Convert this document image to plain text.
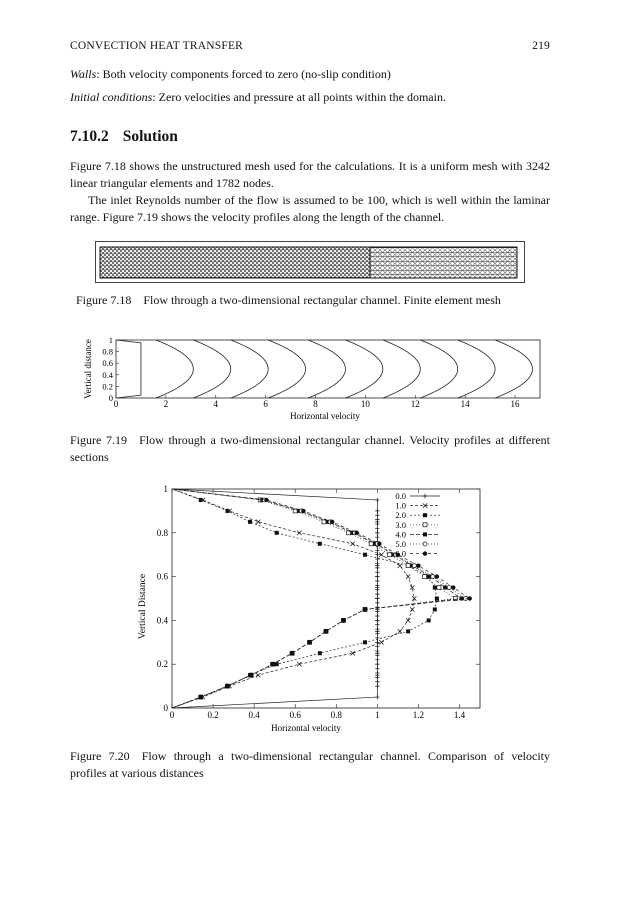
CONVECTION HEAT TRANSFER	219
Walls: Both velocity components forced to zero (no-slip condition)
Initial conditions: Zero velocities and pressure at all points within the domain.
7.10.2 Solution

Figure 7.18 shows the unstructured mesh used for the calculations. It is a uniform mesh with 3242 linear triangular elements and 1782 nodes.

The inlet Reynolds number of the flow is assumed to be 100, which is well within the laminar range. Figure 7.19 shows the velocity profiles along the length of the channel.

Figure 7.18 Flow through a two-dimensional rectangular channel. Finite element mesh
0	2	4	6	8	10	12	14	16
0
0.2
0.4
0.6
0.8
1
Horizontal velocity
Vertical distance
Figure 7.19 Flow through a two-dimensional rectangular channel. Velocity profiles at different sections
0	0.2	0.4	0.6	0.8	1	1.2	1.4
0
0.2
0.4
0.6
0.8
1
Horizontal velocity
Vertical Distance
0.0
1.0
2.0
3.0
4.0
5.0
6.0
Figure 7.20 Flow through a two-dimensional rectangular channel. Comparison of velocity profiles at various distances
